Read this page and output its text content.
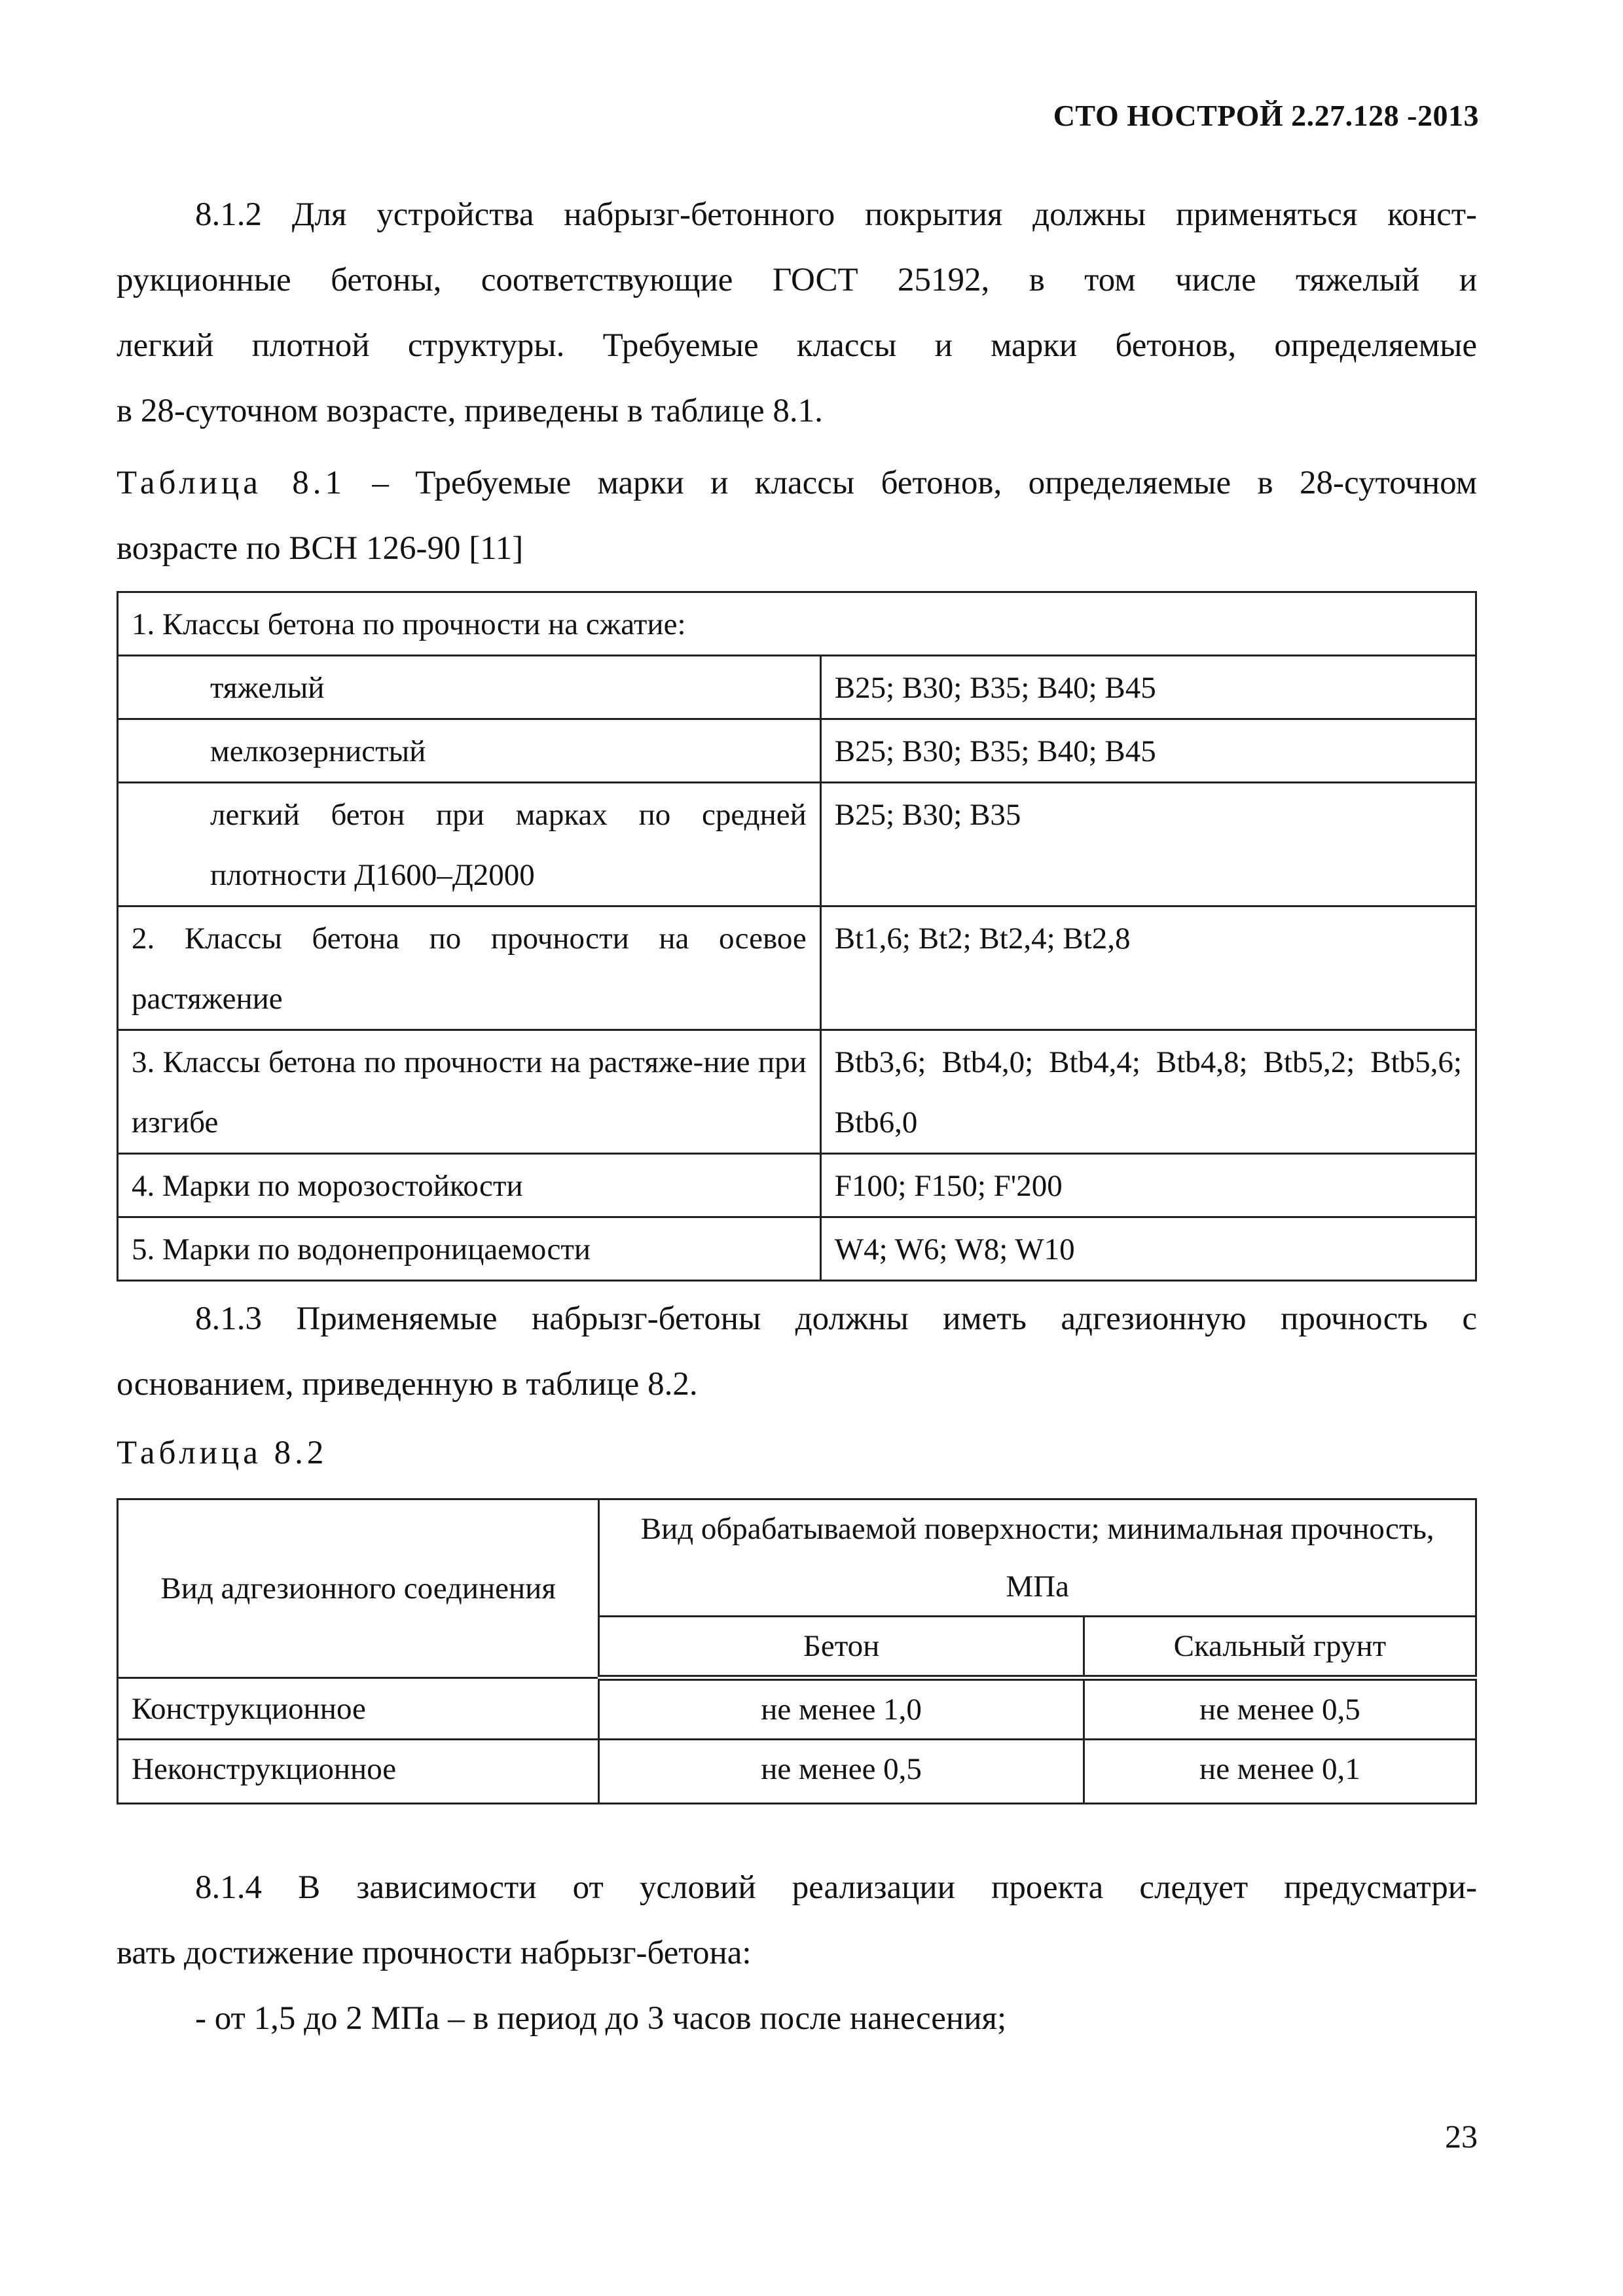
СТО НОСТРОЙ 2.27.128 -2013
8.1.2 Для устройства набрызг-бетонного покрытия должны применяться конст-
рукционные бетоны, соответствующие ГОСТ 25192, в том числе тяжелый и
легкий плотной структуры. Требуемые классы и марки бетонов, определяемые
в 28-суточном возрасте, приведены в таблице 8.1.
Таблица 8.1 – Требуемые марки и классы бетонов, определяемые в 28-суточном
возрасте по ВСН 126-90 [11]
1. Классы бетона по прочности на сжатие:	
тяжелый	В25; В30; В35; В40; В45
мелкозернистый	В25; В30; В35; В40; В45
легкий бетон при марках по средней плотности Д1600–Д2000	В25; В30; В35
2. Классы бетона по прочности на осевое растяжение	Bt1,6; Bt2; Bt2,4; Bt2,8
3. Классы бетона по прочности на растяже-ние при изгибе	Btb3,6; Btb4,0; Btb4,4; Btb4,8; Btb5,2; Btb5,6; Btb6,0
4. Марки по морозостойкости	F100; F150; F'200
5. Марки по водонепроницаемости	W4; W6; W8; W10
8.1.3 Применяемые набрызг-бетоны должны иметь адгезионную прочность с
основанием, приведенную в таблице 8.2.
Таблица 8.2
Вид адгезионного соединения	Вид обрабатываемой поверхности; минимальная прочность, МПа	
	Бетон	Скальный грунт
Конструкционное	не менее 1,0	не менее 0,5
Неконструкционное	не менее 0,5	не менее 0,1
8.1.4 В зависимости от условий реализации проекта следует предусматри-
вать достижение прочности набрызг-бетона:
- от 1,5 до 2 МПа – в период до 3 часов после нанесения;
23
